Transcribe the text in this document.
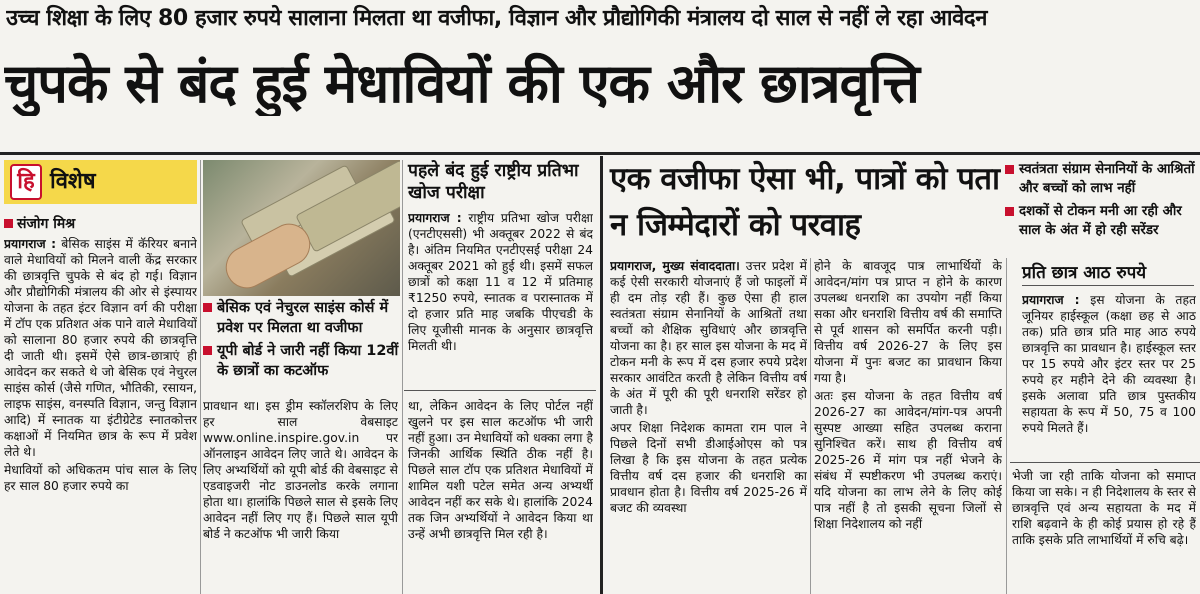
उच्च शिक्षा के लिए 80 हजार रुपये सालाना मिलता था वजीफा, विज्ञान और प्रौद्योगिकी मंत्रालय दो साल से नहीं ले रहा आवेदन
चुपके से बंद हुई मेधावियों की एक और छात्रवृत्ति
हि विशेष
संजोग मिश्र

प्रयागराज : बेसिक साइंस में कॅरियर बनाने वाले मेधावियों को मिलने वाली केंद्र सरकार की छात्रवृत्ति चुपके से बंद हो गई। विज्ञान और प्रौद्योगिकी मंत्रालय की ओर से इंस्पायर योजना के तहत इंटर विज्ञान वर्ग की परीक्षा में टॉप एक प्रतिशत अंक पाने वाले मेधावियों को सालाना 80 हजार रुपये की छात्रवृत्ति दी जाती थी। इसमें ऐसे छात्र-छात्राएं ही आवेदन कर सकते थे जो बेसिक एवं नेचुरल साइंस कोर्स (जैसे गणित, भौतिकी, रसायन, लाइफ साइंस, वनस्पति विज्ञान, जन्तु विज्ञान आदि) में स्नातक या इंटीग्रेटेड स्नातकोत्तर कक्षाओं में नियमित छात्र के रूप में प्रवेश लेते थे।

मेधावियों को अधिकतम पांच साल के लिए हर साल 80 हजार रुपये का

बेसिक एवं नेचुरल साइंस कोर्स में प्रवेश पर मिलता था वजीफा
यूपी बोर्ड ने जारी नहीं किया 12वीं के छात्रों का कटऑफ

प्रावधान था। इस ड्रीम स्कॉलरशिप के लिए हर साल वेबसाइट www.online.inspire.gov.in पर ऑनलाइन आवेदन लिए जाते थे। आवेदन के लिए अभ्यर्थियों को यूपी बोर्ड की वेबसाइट से एडवाइजरी नोट डाउनलोड करके लगाना होता था। हालांकि पिछले साल से इसके लिए आवेदन नहीं लिए गए हैं। पिछले साल यूपी बोर्ड ने कटऑफ भी जारी किया

पहले बंद हुई राष्ट्रीय प्रतिभा खोज परीक्षा

प्रयागराज : राष्ट्रीय प्रतिभा खोज परीक्षा (एनटीएससी) भी अक्तूबर 2022 से बंद है। अंतिम नियमित एनटीएसई परीक्षा 24 अक्तूबर 2021 को हुई थी। इसमें सफल छात्रों को कक्षा 11 व 12 में प्रतिमाह ₹1250 रुपये, स्नातक व परास्नातक में दो हजार प्रति माह जबकि पीएचडी के लिए यूजीसी मानक के अनुसार छात्रवृत्ति मिलती थी।

था, लेकिन आवेदन के लिए पोर्टल नहीं खुलने पर इस साल कटऑफ भी जारी नहीं हुआ। उन मेधावियों को धक्का लगा है जिनकी आर्थिक स्थिति ठीक नहीं है। पिछले साल टॉप एक प्रतिशत मेधावियों में शामिल यशी पटेल समेत अन्य अभ्यर्थी आवेदन नहीं कर सके थे। हालांकि 2024 तक जिन अभ्यर्थियों ने आवेदन किया था उन्हें अभी छात्रवृत्ति मिल रही है।

एक वजीफा ऐसा भी, पात्रों को पता न जिम्मेदारों को परवाह

प्रयागराज, मुख्य संवाददाता। उत्तर प्रदेश में कई ऐसी सरकारी योजनाएं हैं जो फाइलों में ही दम तोड़ रही हैं। कुछ ऐसा ही हाल स्वतंत्रता संग्राम सेनानियों के आश्रितों तथा बच्चों को शैक्षिक सुविधाएं और छात्रवृत्ति योजना का है। हर साल इस योजना के मद में टोकन मनी के रूप में दस हजार रुपये प्रदेश सरकार आवंटित करती है लेकिन वित्तीय वर्ष के अंत में पूरी की पूरी धनराशि सरेंडर हो जाती है।

अपर शिक्षा निदेशक कामता राम पाल ने पिछले दिनों सभी डीआईओएस को पत्र लिखा है कि इस योजना के तहत प्रत्येक वित्तीय वर्ष दस हजार की धनराशि का प्रावधान होता है। वित्तीय वर्ष 2025-26 में बजट की व्यवस्था

होने के बावजूद पात्र लाभार्थियों के आवेदन/मांग पत्र प्राप्त न होने के कारण उपलब्ध धनराशि का उपयोग नहीं किया सका और धनराशि वित्तीय वर्ष की समाप्ति से पूर्व शासन को समर्पित करनी पड़ी। वित्तीय वर्ष 2026-27 के लिए इस योजना में पुनः बजट का प्रावधान किया गया है।

अतः इस योजना के तहत वित्तीय वर्ष 2026-27 का आवेदन/मांग-पत्र अपनी सुस्पष्ट आख्या सहित उपलब्ध कराना सुनिश्चित करें। साथ ही वित्तीय वर्ष 2025-26 में मांग पत्र नहीं भेजने के संबंध में स्पष्टीकरण भी उपलब्ध कराएं। यदि योजना का लाभ लेने के लिए कोई पात्र नहीं है तो इसकी सूचना जिलों से शिक्षा निदेशालय को नहीं

स्वतंत्रता संग्राम सेनानियों के आश्रितों और बच्चों को लाभ नहीं
दशकों से टोकन मनी आ रही और साल के अंत में हो रही सरेंडर
प्रति छात्र आठ रुपये

प्रयागराज : इस योजना के तहत जूनियर हाईस्कूल (कक्षा छह से आठ तक) प्रति छात्र प्रति माह आठ रुपये छात्रवृत्ति का प्रावधान है। हाईस्कूल स्तर पर 15 रुपये और इंटर स्तर पर 25 रुपये हर महीने देने की व्यवस्था है। इसके अलावा प्रति छात्र पुस्तकीय सहायता के रूप में 50, 75 व 100 रुपये मिलते हैं।

भेजी जा रही ताकि योजना को समाप्त किया जा सके। न ही निदेशालय के स्तर से छात्रवृत्ति एवं अन्य सहायता के मद में राशि बढ़वाने के ही कोई प्रयास हो रहे हैं ताकि इसके प्रति लाभार्थियों में रुचि बढ़े।
